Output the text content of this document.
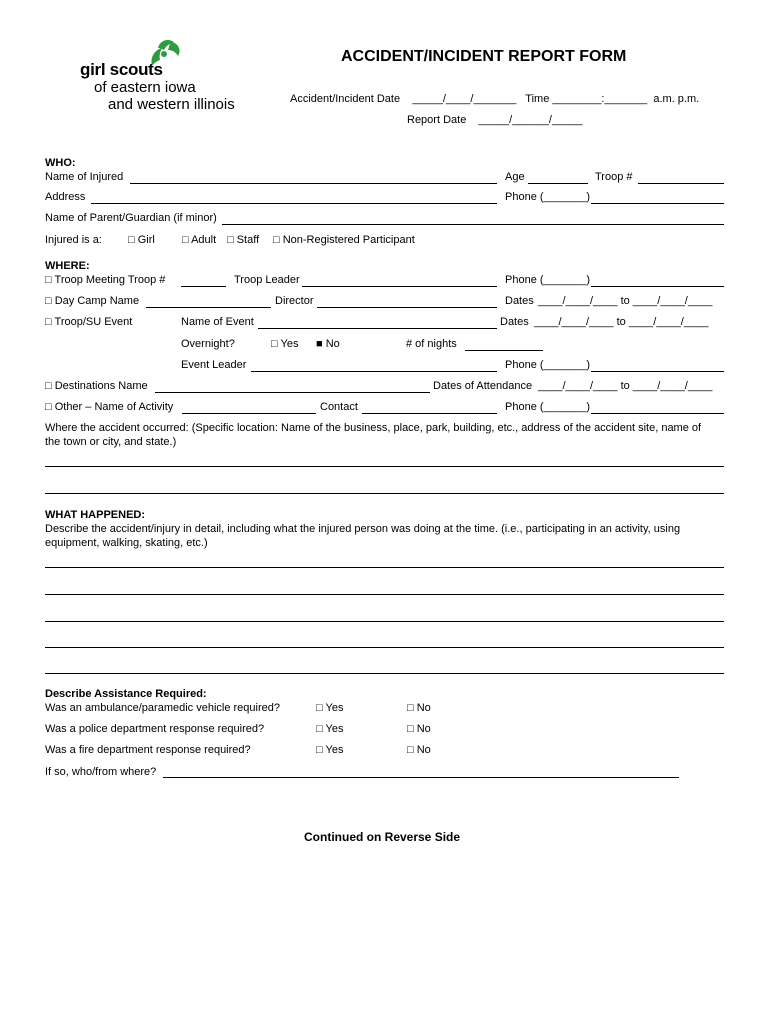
girl scouts
of eastern iowa
and western illinois
ACCIDENT/INCIDENT REPORT FORM
Accident/Incident Date _____/____/_______ Time ________:_______ a.m. p.m.
Report Date _____/______/_____
WHO:
Name of Injured	Age	Troop #
Address	Phone (_______)
Name of Parent/Guardian (if minor)
Injured is a: □ Girl □ Adult □ Staff □ Non-Registered Participant
WHERE:
□ Troop Meeting Troop #	Troop Leader	Phone (_______)
□ Day Camp Name	Director	Dates ____/____/____ to ____/____/____
□ Troop/SU Event	Name of Event	Dates ____/____/____ to ____/____/____
Overnight?	□ Yes ■ No	# of nights
Event Leader	Phone (_______)
□ Destinations Name	Dates of Attendance ____/____/____ to ____/____/____
□ Other – Name of Activity	Contact	Phone (_______)
Where the accident occurred: (Specific location: Name of the business, place, park, building, etc., address of the accident site, name of
the town or city, and state.)
WHAT HAPPENED:
Describe the accident/injury in detail, including what the injured person was doing at the time. (i.e., participating in an activity, using
equipment, walking, skating, etc.)
Describe Assistance Required:
Was an ambulance/paramedic vehicle required?	□ Yes	□ No
Was a police department response required?	□ Yes	□ No
Was a fire department response required?	□ Yes	□ No
If so, who/from where?
Continued on Reverse Side
